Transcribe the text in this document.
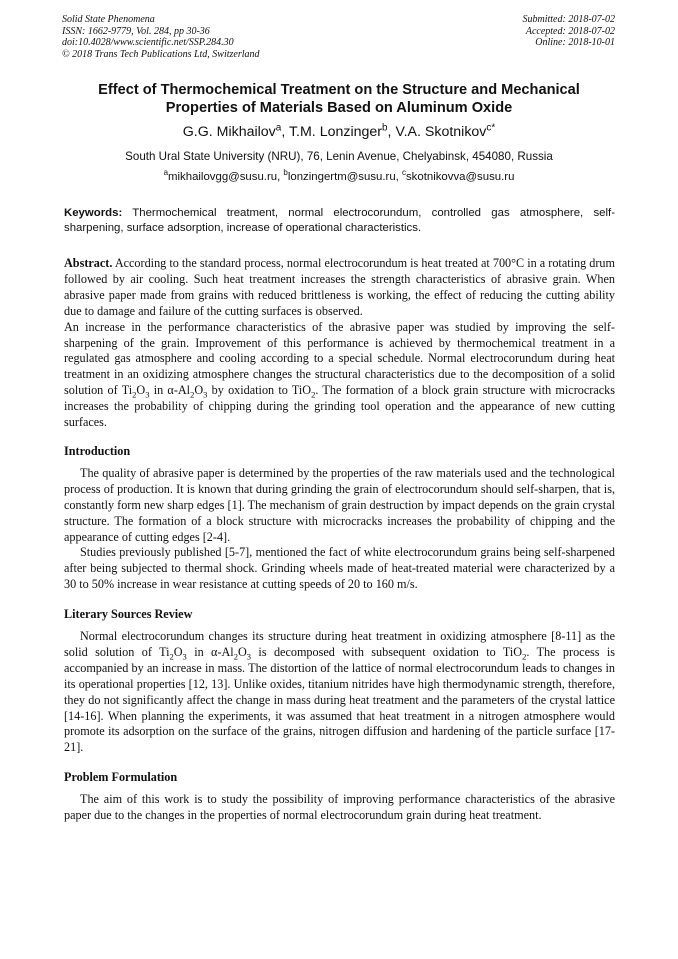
Solid State Phenomena
ISSN: 1662-9779, Vol. 284, pp 30-36
doi:10.4028/www.scientific.net/SSP.284.30
© 2018 Trans Tech Publications Ltd, Switzerland
Submitted: 2018-07-02
Accepted: 2018-07-02
Online: 2018-10-01
Effect of Thermochemical Treatment on the Structure and Mechanical
Properties of Materials Based on Aluminum Oxide
G.G. Mikhailov$^a$, T.M. Lonzinger$^b$, V.A. Skotnikov$^{c*}$
South Ural State University (NRU), 76, Lenin Avenue, Chelyabinsk, 454080, Russia
$^a$mikhailovgg@susu.ru, $^b$lonzingertm@susu.ru, $^c$skotnikovva@susu.ru
Keywords: Thermochemical treatment, normal electrocorundum, controlled gas atmosphere, self-sharpening, surface adsorption, increase of operational characteristics.

Abstract. According to the standard process, normal electrocorundum is heat treated at 700°C in a rotating drum followed by air cooling. Such heat treatment increases the strength characteristics of abrasive grain. When abrasive paper made from grains with reduced brittleness is working, the effect of reducing the cutting ability due to damage and failure of the cutting surfaces is observed.

An increase in the performance characteristics of the abrasive paper was studied by improving the self-sharpening of the grain. Improvement of this performance is achieved by thermochemical treatment in a regulated gas atmosphere and cooling according to a special schedule. Normal electrocorundum during heat treatment in an oxidizing atmosphere changes the structural characteristics due to the decomposition of a solid solution of $Ti_2O_3$ in $\alpha-Al_2O_3$ by oxidation to TiO$_2$. The formation of a block grain structure with microcracks increases the probability of chipping during the grinding tool operation and the appearance of new cutting surfaces.

Introduction

The quality of abrasive paper is determined by the properties of the raw materials used and the technological process of production. It is known that during grinding the grain of electrocorundum should self-sharpen, that is, constantly form new sharp edges [1]. The mechanism of grain destruction by impact depends on the grain crystal structure. The formation of a block structure with microcracks increases the probability of chipping and the appearance of cutting edges [2-4].

Studies previously published [5-7], mentioned the fact of white electrocorundum grains being self-sharpened after being subjected to thermal shock. Grinding wheels made of heat-treated material were characterized by a 30 to 50% increase in wear resistance at cutting speeds of 20 to 160 m/s.

Literary Sources Review

Normal electrocorundum changes its structure during heat treatment in oxidizing atmosphere [8-11] as the solid solution of $Ti_2O_3$ in $\alpha-Al_2O_3$ is decomposed with subsequent oxidation to TiO$_2$. The process is accompanied by an increase in mass. The distortion of the lattice of normal electrocorundum leads to changes in its operational properties [12, 13]. Unlike oxides, titanium nitrides have high thermodynamic strength, therefore, they do not significantly affect the change in mass during heat treatment and the parameters of the crystal lattice [14-16]. When planning the experiments, it was assumed that heat treatment in a nitrogen atmosphere would promote its adsorption on the surface of the grains, nitrogen diffusion and hardening of the particle surface [17-21].

Problem Formulation

The aim of this work is to study the possibility of improving performance characteristics of the abrasive paper due to the changes in the properties of normal electrocorundum grain during heat treatment.
